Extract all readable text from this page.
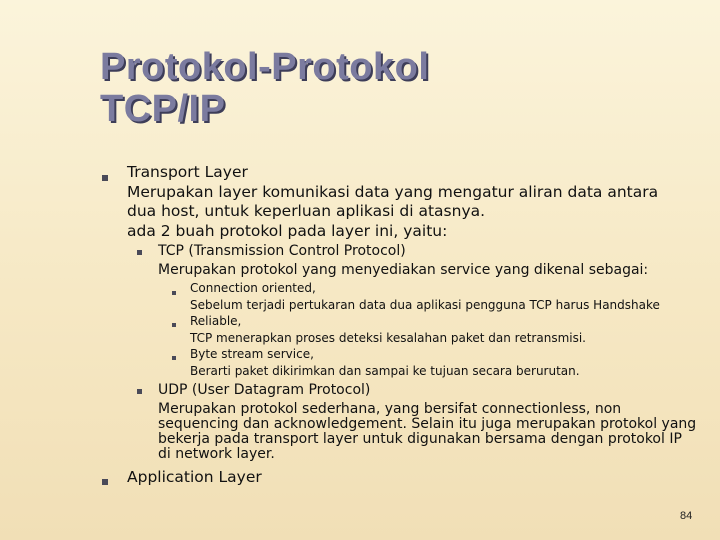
Protokol-Protokol
TCP/IP
Transport Layer
Merupakan layer komunikasi data yang mengatur aliran data antara
dua host, untuk keperluan aplikasi di atasnya.
ada 2 buah protokol pada layer ini, yaitu:
TCP (Transmission Control Protocol)
Merupakan protokol yang menyediakan service yang dikenal sebagai:
Connection oriented,
Sebelum terjadi pertukaran data dua aplikasi pengguna TCP harus Handshake
Reliable,
TCP menerapkan proses deteksi kesalahan paket dan retransmisi.
Byte stream service,
Berarti paket dikirimkan dan sampai ke tujuan secara berurutan.
UDP (User Datagram Protocol)
Merupakan protokol sederhana, yang bersifat connectionless, non
sequencing dan acknowledgement. Selain itu juga merupakan protokol yang
bekerja pada transport layer untuk digunakan bersama dengan protokol IP
di network layer.
Application Layer
84
